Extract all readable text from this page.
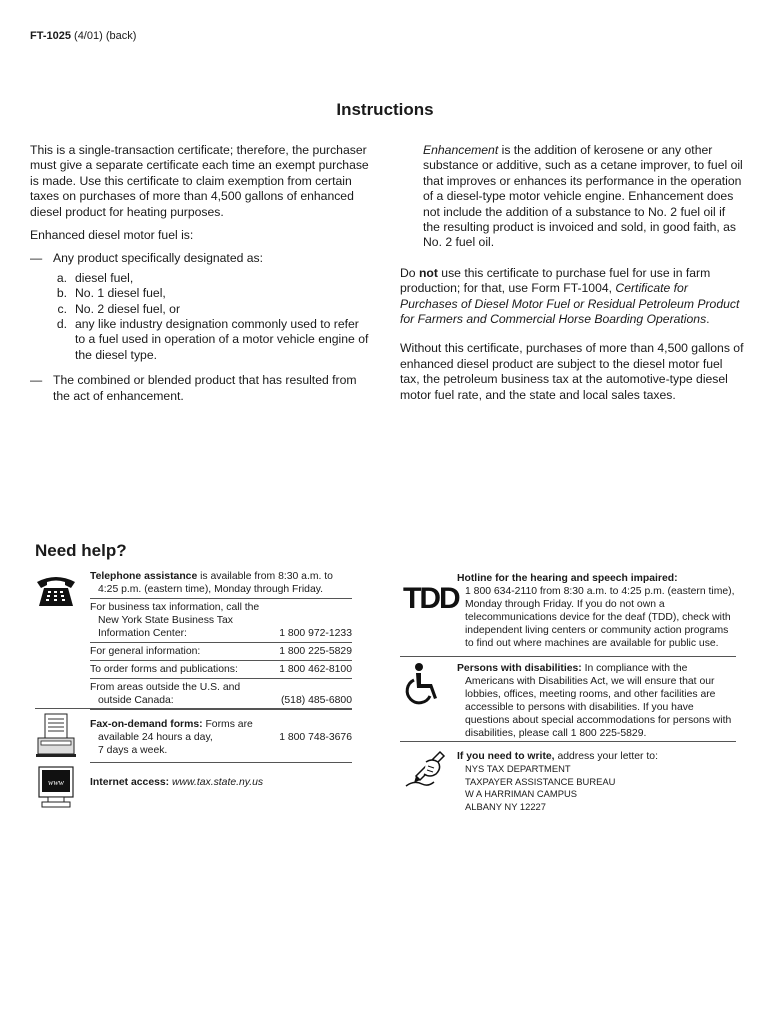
FT-1025 (4/01) (back)
Instructions

This is a single-transaction certificate; therefore, the purchaser must give a separate certificate each time an exempt purchase is made. Use this certificate to claim exemption from certain taxes on purchases of more than 4,500 gallons of enhanced diesel product for heating purposes.

Enhanced diesel motor fuel is:

— Any product specifically designated as:
a. diesel fuel,
b. No. 1 diesel fuel,
c. No. 2 diesel fuel, or
d. any like industry designation commonly used to refer to a fuel used in operation of a motor vehicle engine of the diesel type.
— The combined or blended product that has resulted from the act of enhancement.

Enhancement is the addition of kerosene or any other substance or additive, such as a cetane improver, to fuel oil that improves or enhances its performance in the operation of a diesel-type motor vehicle engine. Enhancement does not include the addition of a substance to No. 2 fuel oil if the resulting product is invoiced and sold, in good faith, as No. 2 fuel oil.

Do not use this certificate to purchase fuel for use in farm production; for that, use Form FT-1004, Certificate for Purchases of Diesel Motor Fuel or Residual Petroleum Product for Farmers and Commercial Horse Boarding Operations.

Without this certificate, purchases of more than 4,500 gallons of enhanced diesel product are subject to the diesel motor fuel tax, the petroleum business tax at the automotive-type diesel motor fuel rate, and the state and local sales taxes.

Need help?
Telephone assistance is available from 8:30 a.m. to
4:25 p.m. (eastern time), Monday through Friday.
For business tax information, call the
New York State Business Tax
Information Center:	1 800 972-1233
For general information:	1 800 225-5829
To order forms and publications:	1 800 462-8100
From areas outside the U.S. and
outside Canada:	(518) 485-6800
Fax-on-demand forms: Forms are
available 24 hours a day,	1 800 748-3676
7 days a week.
www Internet access: www.tax.state.ny.us
TDD
Hotline for the hearing and speech impaired:
1 800 634-2110 from 8:30 a.m. to 4:25 p.m. (eastern time), Monday through Friday. If you do not own a telecommunications device for the deaf (TDD), check with independent living centers or community action programs to find out where machines are available for public use.
Persons with disabilities: In compliance with the
Americans with Disabilities Act, we will ensure that our lobbies, offices, meeting rooms, and other facilities are accessible to persons with disabilities. If you have questions about special accommodations for persons with disabilities, please call 1 800 225-5829.
If you need to write, address your letter to:
NYS TAX DEPARTMENT
TAXPAYER ASSISTANCE BUREAU
W A HARRIMAN CAMPUS
ALBANY NY 12227
